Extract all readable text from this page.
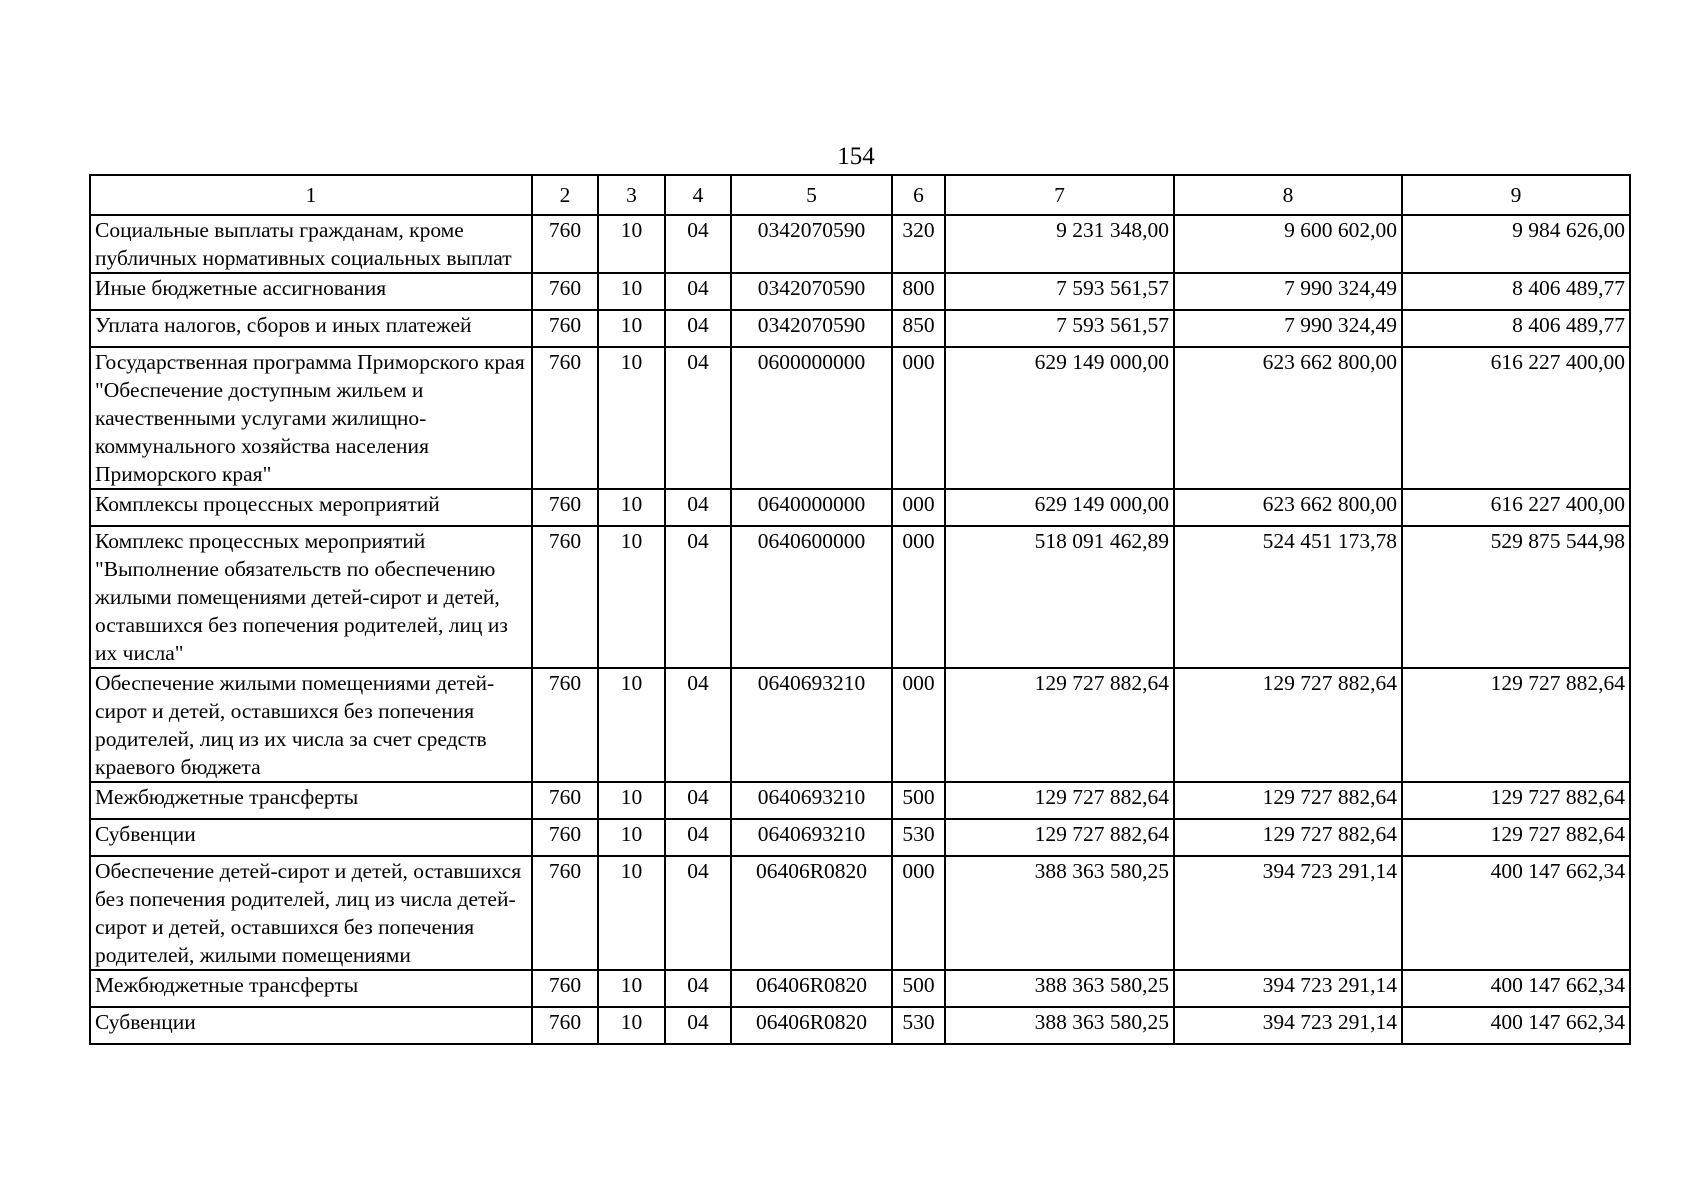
154
1	2	3	4	5	6	7	8	9
Социальные выплаты гражданам, кроме публичных нормативных социальных выплат	760	10	04	0342070590	320	9 231 348,00	9 600 602,00	9 984 626,00
Иные бюджетные ассигнования	760	10	04	0342070590	800	7 593 561,57	7 990 324,49	8 406 489,77
Уплата налогов, сборов и иных платежей	760	10	04	0342070590	850	7 593 561,57	7 990 324,49	8 406 489,77
Государственная программа Приморского края "Обеспечение доступным жильем и качественными услугами жилищно-коммунального хозяйства населения Приморского края"	760	10	04	0600000000	000	629 149 000,00	623 662 800,00	616 227 400,00
Комплексы процессных мероприятий	760	10	04	0640000000	000	629 149 000,00	623 662 800,00	616 227 400,00
Комплекс процессных мероприятий "Выполнение обязательств по обеспечению жилыми помещениями детей-сирот и детей, оставшихся без попечения родителей, лиц из их числа"	760	10	04	0640600000	000	518 091 462,89	524 451 173,78	529 875 544,98
Обеспечение жилыми помещениями детей-сирот и детей, оставшихся без попечения родителей, лиц из их числа за счет средств краевого бюджета	760	10	04	0640693210	000	129 727 882,64	129 727 882,64	129 727 882,64
Межбюджетные трансферты	760	10	04	0640693210	500	129 727 882,64	129 727 882,64	129 727 882,64
Субвенции	760	10	04	0640693210	530	129 727 882,64	129 727 882,64	129 727 882,64
Обеспечение детей-сирот и детей, оставшихся без попечения родителей, лиц из числа детей-сирот и детей, оставшихся без попечения родителей, жилыми помещениями	760	10	04	06406R0820	000	388 363 580,25	394 723 291,14	400 147 662,34
Межбюджетные трансферты	760	10	04	06406R0820	500	388 363 580,25	394 723 291,14	400 147 662,34
Субвенции	760	10	04	06406R0820	530	388 363 580,25	394 723 291,14	400 147 662,34
